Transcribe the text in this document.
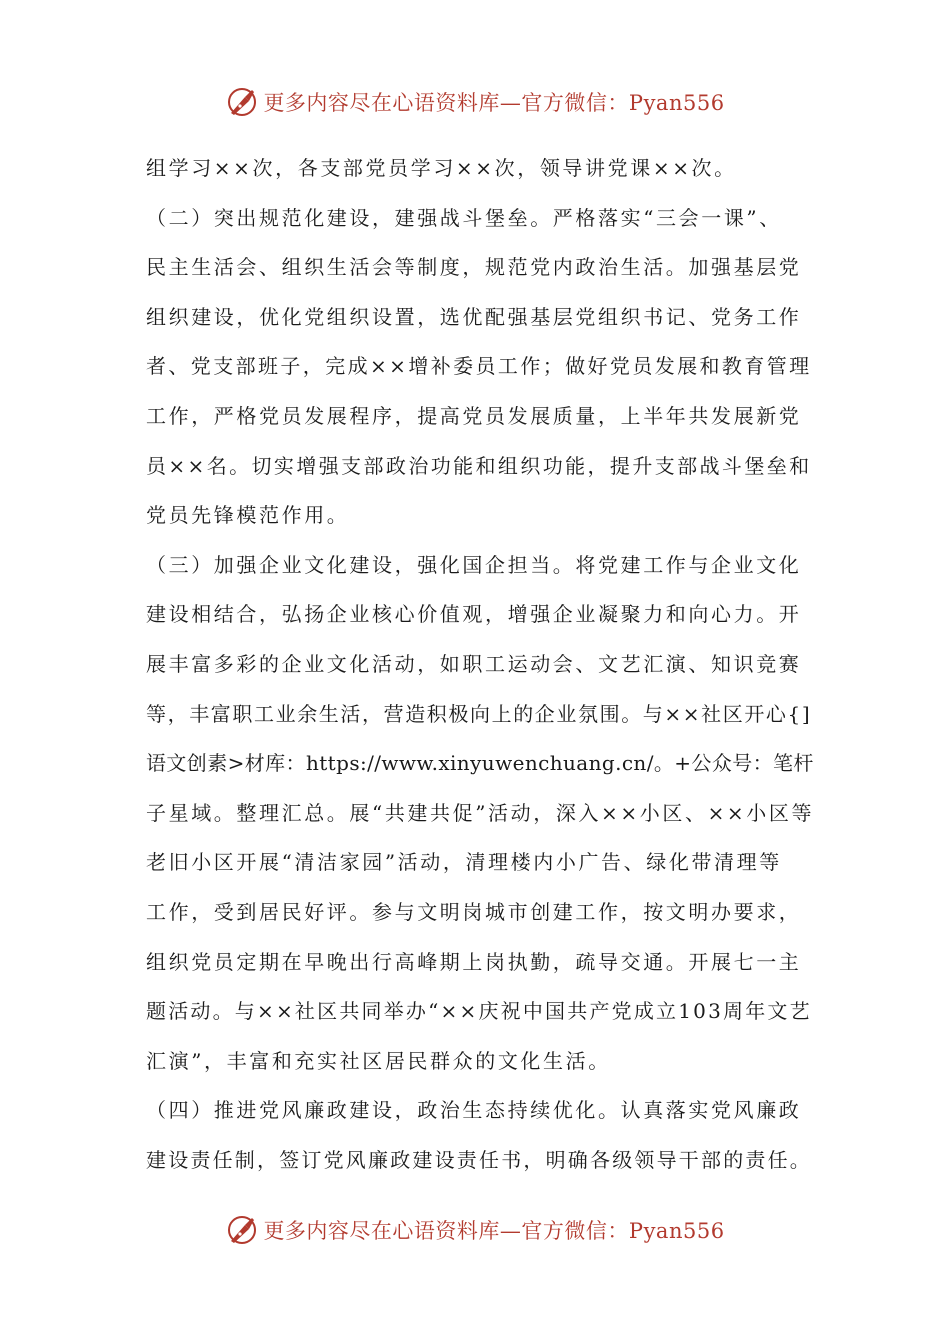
更多内容尽在心语资料库—官方微信：Pyan556
组学习××次，各支部党员学习××次，领导讲党课××次。
（二）突出规范化建设，建强战斗堡垒。严格落实“三会一课”、
民主生活会、组织生活会等制度，规范党内政治生活。加强基层党
组织建设，优化党组织设置，选优配强基层党组织书记、党务工作
者、党支部班子，完成××增补委员工作；做好党员发展和教育管理
工作，严格党员发展程序，提高党员发展质量，上半年共发展新党
员××名。切实增强支部政治功能和组织功能，提升支部战斗堡垒和
党员先锋模范作用。
（三）加强企业文化建设，强化国企担当。将党建工作与企业文化
建设相结合，弘扬企业核心价值观，增强企业凝聚力和向心力。开
展丰富多彩的企业文化活动，如职工运动会、文艺汇演、知识竞赛
等，丰富职工业余生活，营造积极向上的企业氛围。与××社区开心{]
语文创素>材库：https://www.xinyuwenchuang.cn/。+公众号：笔杆
子星域。整理汇总。展“共建共促”活动，深入××小区、××小区等
老旧小区开展“清洁家园”活动，清理楼内小广告、绿化带清理等
工作，受到居民好评。参与文明岗城市创建工作，按文明办要求，
组织党员定期在早晚出行高峰期上岗执勤，疏导交通。开展七一主
题活动。与××社区共同举办“××庆祝中国共产党成立103周年文艺
汇演”，丰富和充实社区居民群众的文化生活。
（四）推进党风廉政建设，政治生态持续优化。认真落实党风廉政
建设责任制，签订党风廉政建设责任书，明确各级领导干部的责任。
更多内容尽在心语资料库—官方微信：Pyan556
